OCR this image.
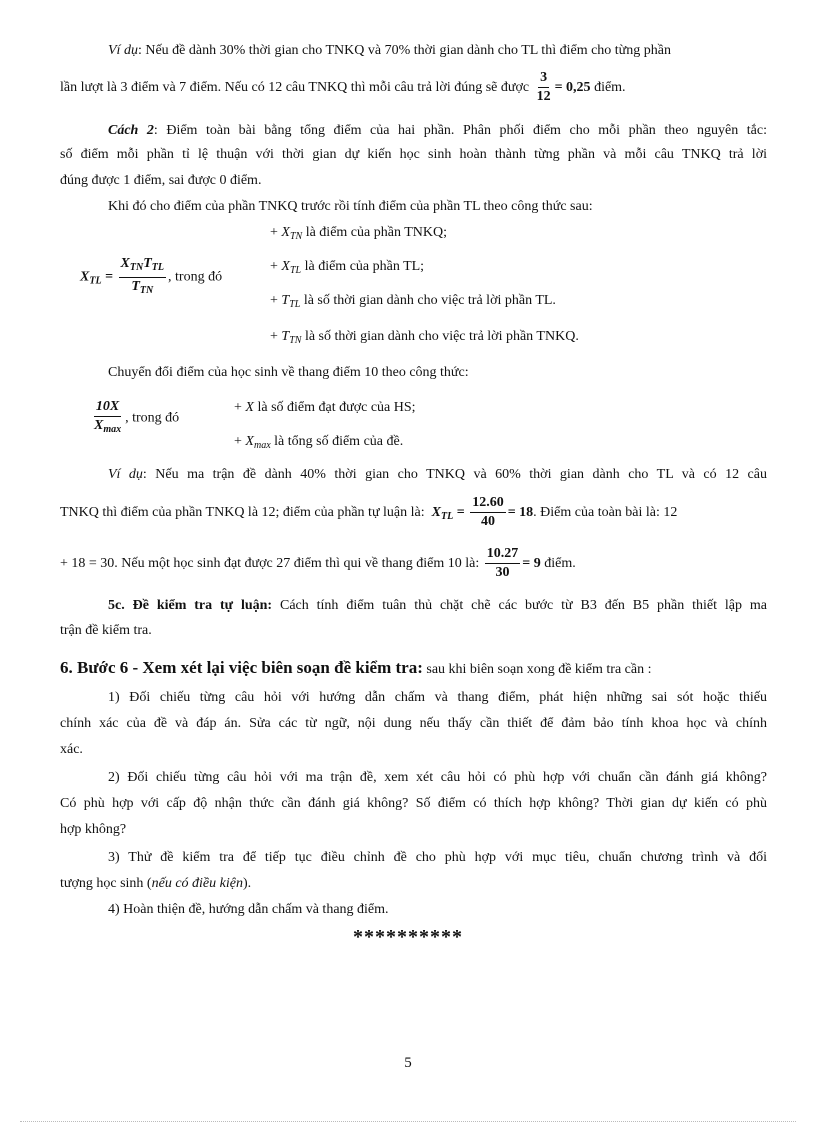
Ví dụ: Nếu đề dành 30% thời gian cho TNKQ và 70% thời gian dành cho TL thì điểm cho từng phần
lần lượt là 3 điểm và 7 điểm. Nếu có 12 câu TNKQ thì mỗi câu trả lời đúng sẽ được $\frac{3}{12} = 0,25$ điểm.
Cách 2: Điểm toàn bài bằng tổng điểm của hai phần. Phân phối điểm cho mỗi phần theo nguyên tắc:
số điểm mỗi phần tỉ lệ thuận với thời gian dự kiến học sinh hoàn thành từng phần và mỗi câu TNKQ trả lời
đúng được 1 điểm, sai được 0 điểm.
Khi đó cho điểm của phần TNKQ trước rồi tính điểm của phần TL theo công thức sau:
$X_{TL} = \frac{X_{TN}T_{TL}}{T_{TN}}$ , trong đó
+ $X_{TN}$ là điểm của phần TNKQ;
+ $X_{TL}$ là điểm của phần TL;
+ $T_{TL}$ là số thời gian dành cho việc trả lời phần TL.
+ $T_{TN}$ là số thời gian dành cho việc trả lời phần TNKQ.
Chuyển đổi điểm của học sinh về thang điểm 10 theo công thức:
$\frac{10X}{X_{max}}$ , trong đó
+ X là số điểm đạt được của HS;
+ $X_{max}$ là tổng số điểm của đề.
Ví dụ: Nếu ma trận đề dành 40% thời gian cho TNKQ và 60% thời gian dành cho TL và có 12 câu
TNKQ thì điểm của phần TNKQ là 12; điểm của phần tự luận là: $X_{TL} = \frac{12.60}{40} = 18$. Điểm của toàn bài là: 12
+ 18 = 30. Nếu một học sinh đạt được 27 điểm thì qui về thang điểm 10 là: $\frac{10.27}{30} = 9$ điểm.
5c. Đề kiểm tra tự luận: Cách tính điểm tuân thủ chặt chẽ các bước từ B3 đến B5 phần thiết lập ma
trận đề kiểm tra.
6. Bước 6 - Xem xét lại việc biên soạn đề kiểm tra: sau khi biên soạn xong đề kiểm tra cần :
1) Đối chiếu từng câu hỏi với hướng dẫn chấm và thang điểm, phát hiện những sai sót hoặc thiếu
chính xác của đề và đáp án. Sửa các từ ngữ, nội dung nếu thấy cần thiết để đảm bảo tính khoa học và chính
xác.
2) Đối chiếu từng câu hỏi với ma trận đề, xem xét câu hỏi có phù hợp với chuẩn cần đánh giá không?
Có phù hợp với cấp độ nhận thức cần đánh giá không? Số điểm có thích hợp không? Thời gian dự kiến có phù
hợp không?
3) Thử đề kiểm tra để tiếp tục điều chỉnh đề cho phù hợp với mục tiêu, chuẩn chương trình và đối
tượng học sinh (nếu có điều kiện).
4) Hoàn thiện đề, hướng dẫn chấm và thang điểm.
**********
5
